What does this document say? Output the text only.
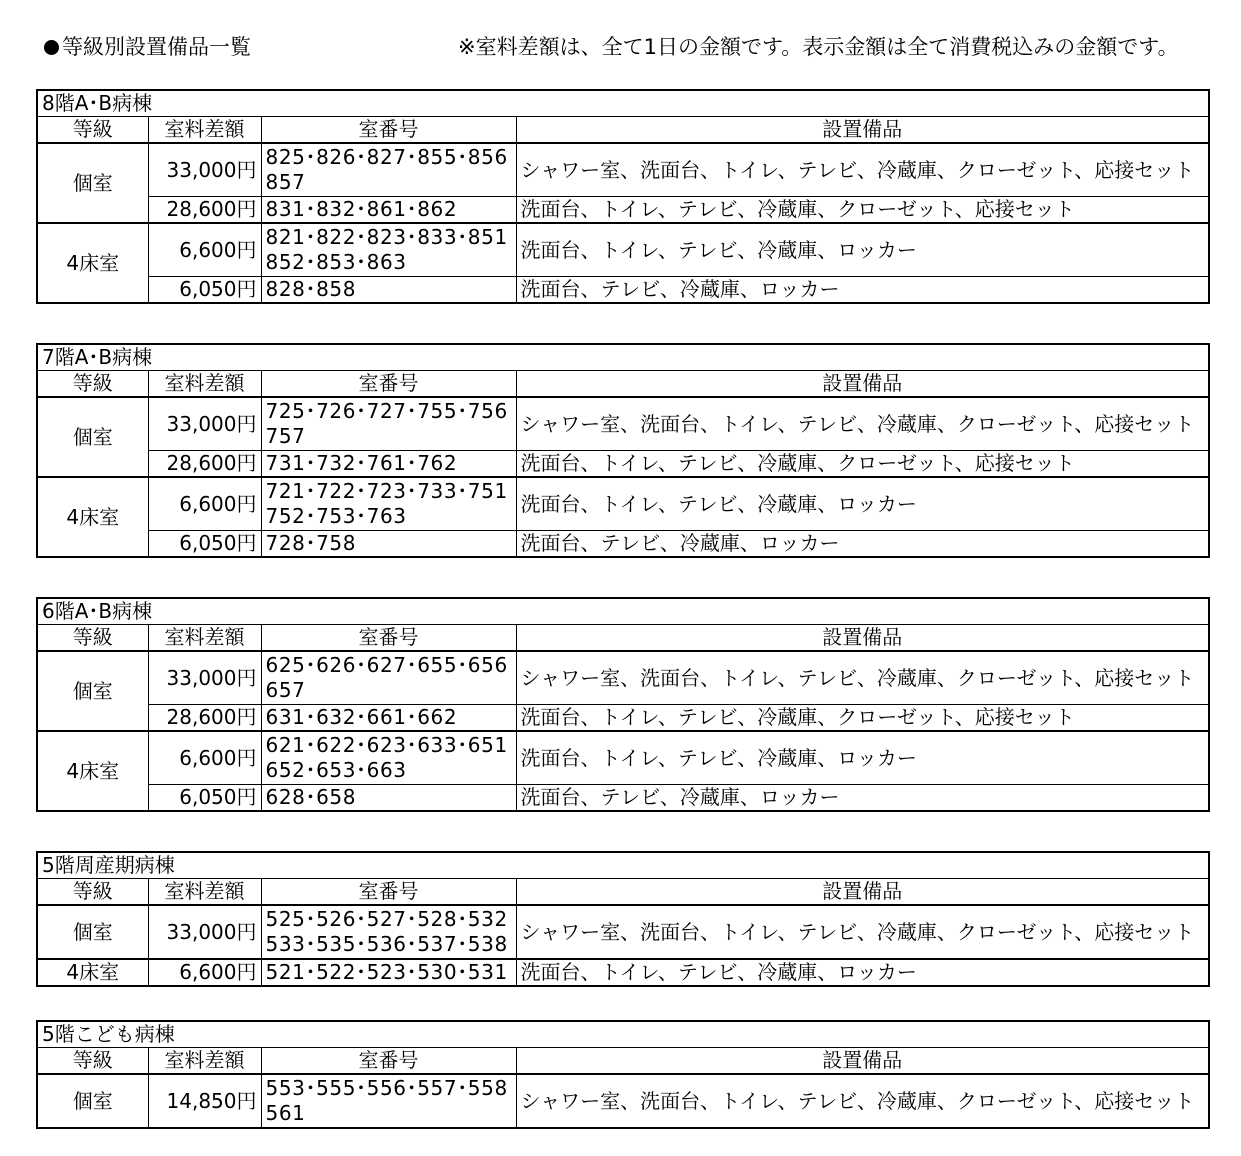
等級別設置備品一覧	※室料差額は、全て1日の金額です。表示金額は全て消費税込みの金額です。
8階A･B病棟			
等級	室料差額	室番号	設置備品
個室	33,000円	825･826･827･855･856 857	シャワー室、洗面台、トイレ、テレビ、冷蔵庫、クローゼット、応接セット
	28,600円	831･832･861･862	洗面台、トイレ、テレビ、冷蔵庫、クローゼット、応接セット
4床室	6,600円	821･822･823･833･851 852･853･863	洗面台、トイレ、テレビ、冷蔵庫、ロッカー
	6,050円	828･858	洗面台、テレビ、冷蔵庫、ロッカー
7階A･B病棟			
等級	室料差額	室番号	設置備品
個室	33,000円	725･726･727･755･756 757	シャワー室、洗面台、トイレ、テレビ、冷蔵庫、クローゼット、応接セット
	28,600円	731･732･761･762	洗面台、トイレ、テレビ、冷蔵庫、クローゼット、応接セット
4床室	6,600円	721･722･723･733･751 752･753･763	洗面台、トイレ、テレビ、冷蔵庫、ロッカー
	6,050円	728･758	洗面台、テレビ、冷蔵庫、ロッカー
6階A･B病棟			
等級	室料差額	室番号	設置備品
個室	33,000円	625･626･627･655･656 657	シャワー室、洗面台、トイレ、テレビ、冷蔵庫、クローゼット、応接セット
	28,600円	631･632･661･662	洗面台、トイレ、テレビ、冷蔵庫、クローゼット、応接セット
4床室	6,600円	621･622･623･633･651 652･653･663	洗面台、トイレ、テレビ、冷蔵庫、ロッカー
	6,050円	628･658	洗面台、テレビ、冷蔵庫、ロッカー
5階周産期病棟			
等級	室料差額	室番号	設置備品
個室	33,000円	525･526･527･528･532 533･535･536･537･538	シャワー室、洗面台、トイレ、テレビ、冷蔵庫、クローゼット、応接セット
4床室	6,600円	521･522･523･530･531	洗面台、トイレ、テレビ、冷蔵庫、ロッカー
5階こども病棟			
等級	室料差額	室番号	設置備品
個室	14,850円	553･555･556･557･558 561	シャワー室、洗面台、トイレ、テレビ、冷蔵庫、クローゼット、応接セット
